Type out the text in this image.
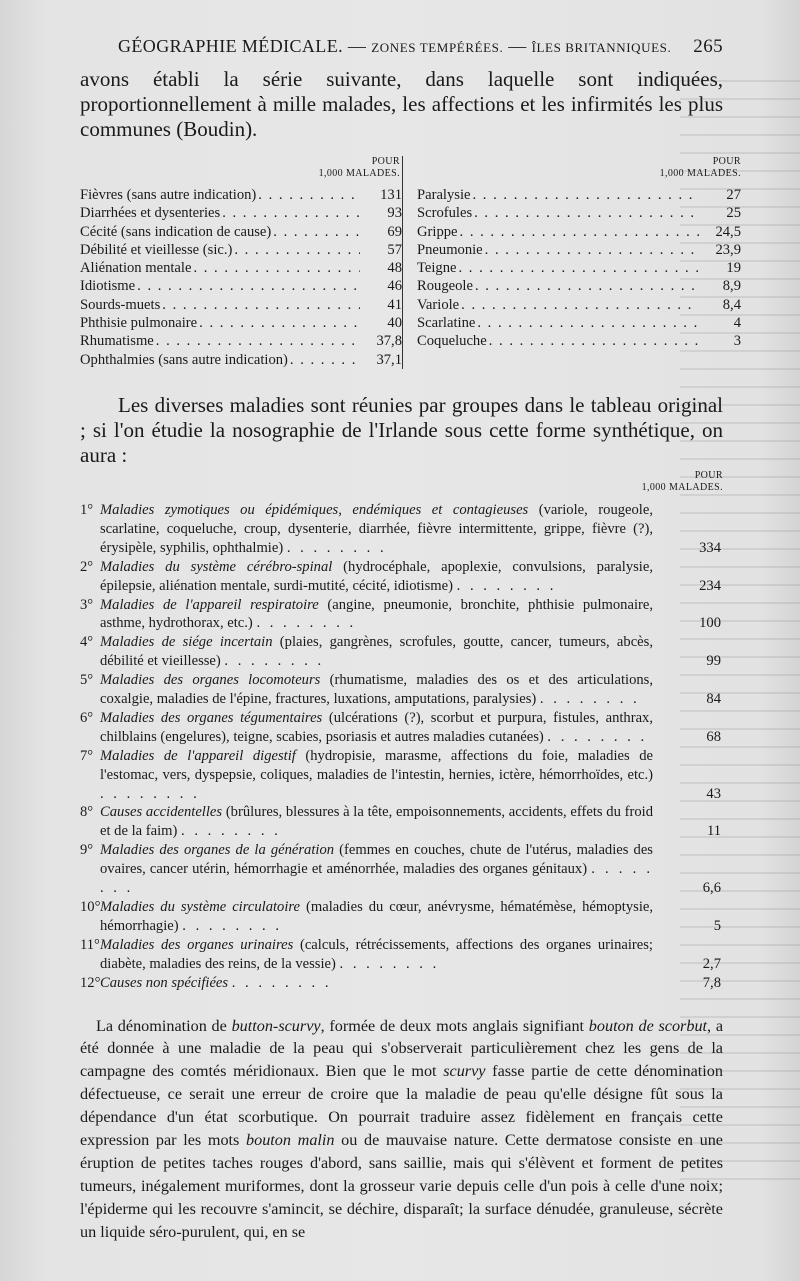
GÉOGRAPHIE MÉDICALE. — ZONES TEMPÉRÉES. — ÎLES BRITANNIQUES. 265

avons établi la série suivante, dans laquelle sont indiquées, proportionnellement à mille malades, les affections et les infirmités les plus communes (Boudin).

POUR
1,000 MALADES.
Fièvres (sans autre indication) . . .	131
Diarrhées et dysenteries . . .	93
Cécité (sans indication de cause) . . .	69
Débilité et vieillesse (sic.) . . .	57
Aliénation mentale . . .	48
Idiotisme . . .	46
Sourds-muets . . .	41
Phthisie pulmonaire . . .	40
Rhumatisme . . .	37,8
Ophthalmies (sans autre indication) . . .	37,1
POUR
1,000 MALADES.
Paralysie . . .	27
Scrofules . . .	25
Grippe . . .	24,5
Pneumonie . . .	23,9
Teigne . . .	19
Rougeole . . .	8,9
Variole . . .	8,4
Scarlatine . . .	4
Coqueluche . . .	3

Les diverses maladies sont réunies par groupes dans le tableau original ; si l'on étudie la nosographie de l'Irlande sous cette forme synthétique, on aura :

POUR
1,000 MALADES.
1° Maladies zymotiques ou épidémiques, endémiques et contagieuses (variole, rougeole, scarlatine, coqueluche, croup, dysenterie, diarrhée, fièvre intermittente, grippe, fièvre (?), érysipèle, syphilis, ophthalmie) . . . . . . . .	334
2° Maladies du système cérébro-spinal (hydrocéphale, apoplexie, convulsions, paralysie, épilepsie, aliénation mentale, surdi-mutité, cécité, idiotisme) . . . . . . . .	234
3° Maladies de l'appareil respiratoire (angine, pneumonie, bronchite, phthisie pulmonaire, asthme, hydrothorax, etc.) . . . . . . . .	100
4° Maladies de siége incertain (plaies, gangrènes, scrofules, goutte, cancer, tumeurs, abcès, débilité et vieillesse) . . . . . . . .	99
5° Maladies des organes locomoteurs (rhumatisme, maladies des os et des articulations, coxalgie, maladies de l'épine, fractures, luxations, amputations, paralysies) . . . . . . . .	84
6° Maladies des organes tégumentaires (ulcérations (?), scorbut et purpura, fistules, anthrax, chilblains (engelures), teigne, scabies, psoriasis et autres maladies cutanées) . . . . . . . .	68
7° Maladies de l'appareil digestif (hydropisie, marasme, affections du foie, maladies de l'estomac, vers, dyspepsie, coliques, maladies de l'intestin, hernies, ictère, hémorrhoïdes, etc.) . . . . . . . .	43
8° Causes accidentelles (brûlures, blessures à la tête, empoisonnements, accidents, effets du froid et de la faim) . . . . . . . .	11
9° Maladies des organes de la génération (femmes en couches, chute de l'utérus, maladies des ovaires, cancer utérin, hémorrhagie et aménorrhée, maladies des organes génitaux) . . . . . . . .	6,6
10°Maladies du système circulatoire (maladies du cœur, anévrysme, hématémèse, hémoptysie, hémorrhagie) . . . . . . . .	5
11°Maladies des organes urinaires (calculs, rétrécissements, affections des organes urinaires; diabète, maladies des reins, de la vessie) . . . . . . . .	2,7
12°Causes non spécifiées . . . . . . . .	7,8

La dénomination de button-scurvy, formée de deux mots anglais signifiant bouton de scorbut, a été donnée à une maladie de la peau qui s'observerait particulièrement chez les gens de la campagne des comtés méridionaux. Bien que le mot scurvy fasse partie de cette dénomination défectueuse, ce serait une erreur de croire que la maladie de peau qu'elle désigne fût sous la dépendance d'un état scorbutique. On pourrait traduire assez fidèlement en français cette expression par les mots bouton malin ou de mauvaise nature. Cette dermatose consiste en une éruption de petites taches rouges d'abord, sans saillie, mais qui s'élèvent et forment de petites tumeurs, inégalement muriformes, dont la grosseur varie depuis celle d'un pois à celle d'une noix; l'épiderme qui les recouvre s'amincit, se déchire, disparaît; la surface dénudée, granuleuse, sécrète un liquide séro-purulent, qui, en se
